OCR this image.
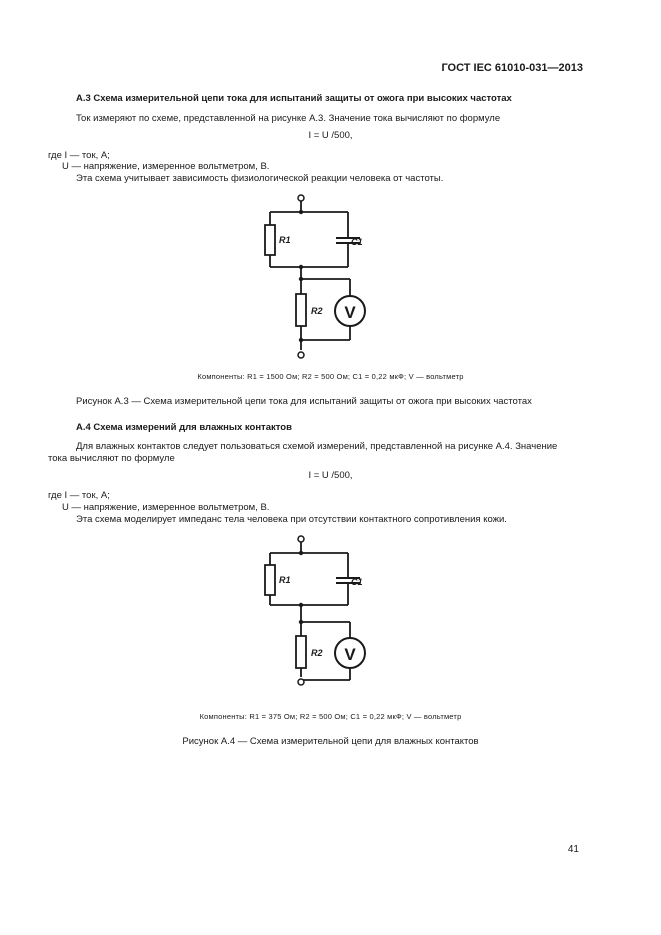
ГОСТ IEC 61010-031—2013
A.3 Схема измерительной цепи тока для испытаний защиты от ожога при высоких частотах
Ток измеряют по схеме, представленной на рисунке A.3. Значение тока вычисляют по формуле
I = U /500,
где I — ток, A;
U — напряжение, измеренное вольтметром, В.
Эта схема учитывает зависимость физиологической реакции человека от частоты.
R1	C1
R2 V
Компоненты: R1 = 1500 Ом; R2 = 500 Ом; C1 = 0,22 мкФ; V — вольтметр
Рисунок A.3 — Схема измерительной цепи тока для испытаний защиты от ожога при высоких частотах
A.4 Схема измерений для влажных контактов
Для влажных контактов следует пользоваться схемой измерений, представленной на рисунке A.4. Значение
тока вычисляют по формуле
I = U /500,
где I — ток, A;
U — напряжение, измеренное вольтметром, В.
Эта схема моделирует импеданс тела человека при отсутствии контактного сопротивления кожи.
R1	C1
R2 V
Компоненты: R1 = 375 Ом; R2 = 500 Ом; C1 = 0,22 мкФ; V — вольтметр
Рисунок A.4 — Схема измерительной цепи для влажных контактов
41
